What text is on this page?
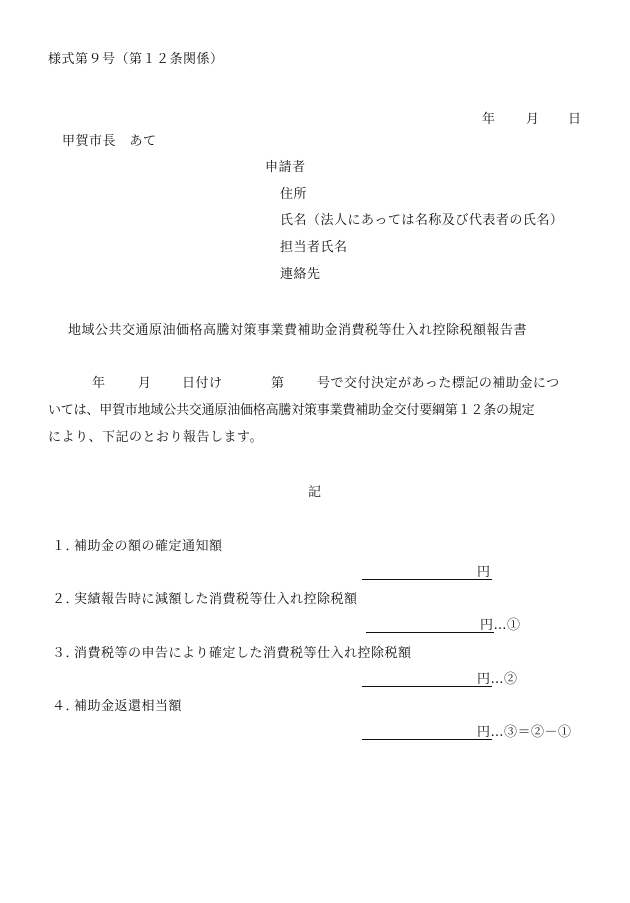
様式第９号（第１２条関係）
年 月 日
甲賀市長　あて
申請者
住所
氏名（法人にあっては名称及び代表者の氏名）
担当者氏名
連絡先
地域公共交通原油価格高騰対策事業費補助金消費税等仕入れ控除税額報告書
年 月 日付け	第 号で交付決定があった標記の補助金につ
いては、甲賀市地域公共交通原油価格高騰対策事業費補助金交付要綱第１２条の規定
により、下記のとおり報告します。
記
１．補助金の額の確定通知額
円
２．実績報告時に減額した消費税等仕入れ控除税額
円…①
３．消費税等の申告により確定した消費税等仕入れ控除税額
円…②
４．補助金返還相当額
円…③＝②－①
